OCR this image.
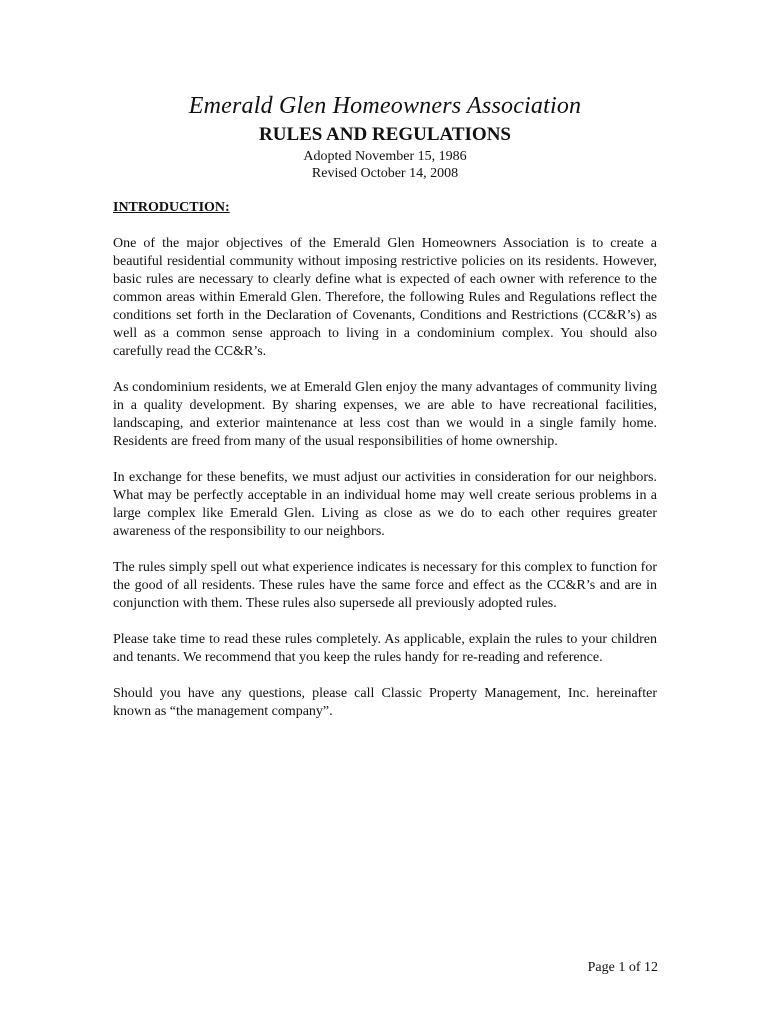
Emerald Glen Homeowners Association
RULES AND REGULATIONS
Adopted November 15, 1986
Revised October 14, 2008
INTRODUCTION:

One of the major objectives of the Emerald Glen Homeowners Association is to create a beautiful residential community without imposing restrictive policies on its residents. However, basic rules are necessary to clearly define what is expected of each owner with reference to the common areas within Emerald Glen. Therefore, the following Rules and Regulations reflect the conditions set forth in the Declaration of Covenants, Conditions and Restrictions (CC&R’s) as well as a common sense approach to living in a condominium complex. You should also carefully read the CC&R’s.

As condominium residents, we at Emerald Glen enjoy the many advantages of community living in a quality development. By sharing expenses, we are able to have recreational facilities, landscaping, and exterior maintenance at less cost than we would in a single family home. Residents are freed from many of the usual responsibilities of home ownership.

In exchange for these benefits, we must adjust our activities in consideration for our neighbors. What may be perfectly acceptable in an individual home may well create serious problems in a large complex like Emerald Glen. Living as close as we do to each other requires greater awareness of the responsibility to our neighbors.

The rules simply spell out what experience indicates is necessary for this complex to function for the good of all residents. These rules have the same force and effect as the CC&R’s and are in conjunction with them. These rules also supersede all previously adopted rules.

Please take time to read these rules completely. As applicable, explain the rules to your children and tenants. We recommend that you keep the rules handy for re-reading and reference.

Should you have any questions, please call Classic Property Management, Inc. hereinafter known as “the management company”.

Page 1 of 12
